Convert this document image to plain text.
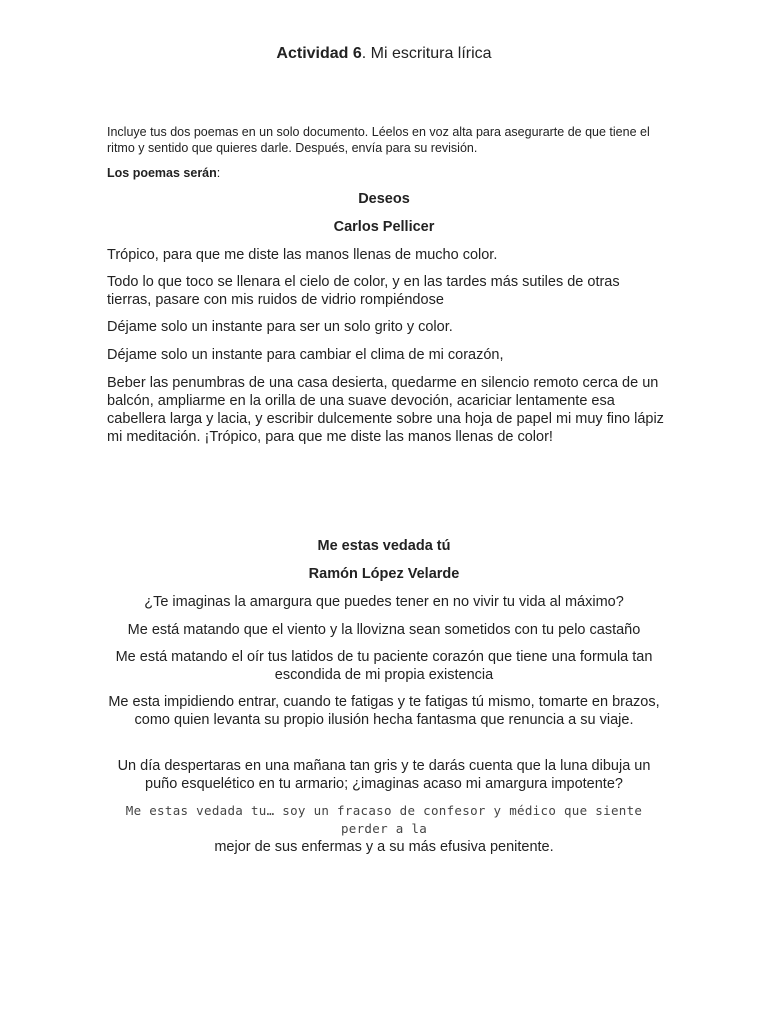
Actividad 6. Mi escritura lírica
Incluye tus dos poemas en un solo documento. Léelos en voz alta para asegurarte de que tiene el ritmo y sentido que quieres darle. Después, envía para su revisión.
Los poemas serán:
Deseos
Carlos Pellicer
Trópico, para que me diste las manos llenas de mucho color.
Todo lo que toco se llenara el cielo de color, y en las tardes más sutiles de otras tierras, pasare con mis ruidos de vidrio rompiéndose
Déjame solo un instante para ser un solo grito y color.
Déjame solo un instante para cambiar el clima de mi corazón,
Beber las penumbras de una casa desierta, quedarme en silencio remoto cerca de un balcón, ampliarme en la orilla de una suave devoción, acariciar lentamente esa cabellera larga y lacia, y escribir dulcemente sobre una hoja de papel mi muy fino lápiz mi meditación. ¡Trópico, para que me diste las manos llenas de color!
Me estas vedada tú
Ramón López Velarde
¿Te imaginas la amargura que puedes tener en no vivir tu vida al máximo?
Me está matando que el viento y la llovizna sean sometidos con tu pelo castaño
Me está matando el oír tus latidos de tu paciente corazón que tiene una formula tan escondida de mi propia existencia
Me esta impidiendo entrar, cuando te fatigas y te fatigas tú mismo, tomarte en brazos, como quien levanta su propio ilusión hecha fantasma que renuncia a su viaje.
Un día despertaras en una mañana tan gris y te darás cuenta que la luna dibuja un puño esquelético en tu armario; ¿imaginas acaso mi amargura impotente?
Me estas vedada tu… soy un fracaso de confesor y médico que siente perder a la
mejor de sus enfermas y a su más efusiva penitente.
